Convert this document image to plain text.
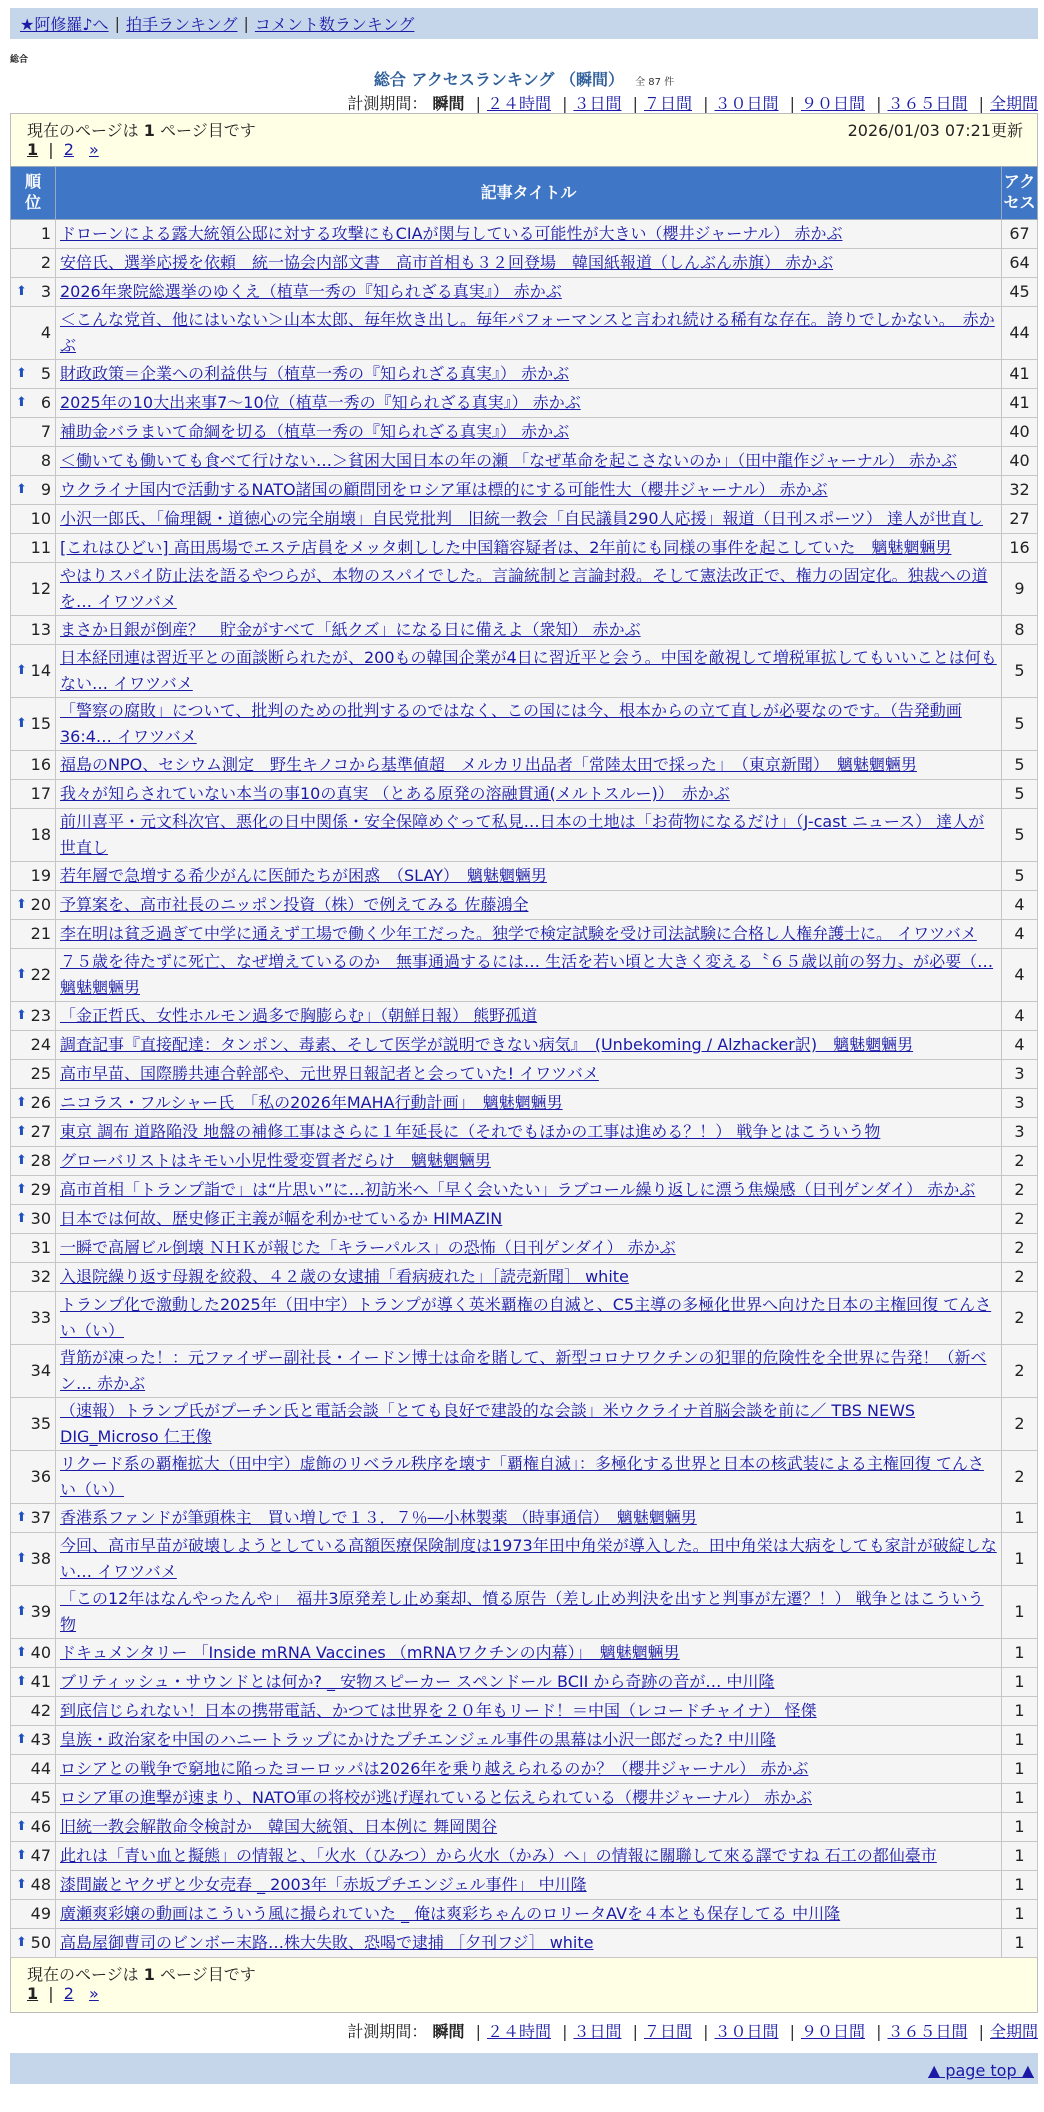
★阿修羅♪へ | 拍手ランキング | コメント数ランキング
総合
総合 アクセスランキング （瞬間） 全 87 件
計測期間： 瞬間 | ２４時間 | ３日間 | ７日間 | ３０日間 | ９０日間 | ３６５日間 | 全期間
現在のページは 1 ページ目です	2026/01/03 07:21更新
1 | 2 »
順位	記事タイトル	アクセス
1	ドローンによる露大統領公邸に対する攻撃にもCIAが関与している可能性が大きい（櫻井ジャーナル） 赤かぶ	67
2	安倍氏、選挙応援を依頼　統一協会内部文書　高市首相も３２回登場　韓国紙報道（しんぶん赤旗） 赤かぶ	64

⬆ 3	2026年衆院総選挙のゆくえ（植草一秀の『知られざる真実』） 赤かぶ	45
4	＜こんな党首、他にはいない＞山本太郎、毎年炊き出し。毎年パフォーマンスと言われ続ける稀有な存在。誇りでしかない。　赤かぶ	44

⬆ 5	財政政策＝企業への利益供与（植草一秀の『知られざる真実』） 赤かぶ	41

⬆ 6	2025年の10大出来事7〜10位（植草一秀の『知られざる真実』） 赤かぶ	41
7	補助金バラまいて命綱を切る（植草一秀の『知られざる真実』） 赤かぶ	40
8	＜働いても働いても食べて行けない…＞貧困大国日本の年の瀬 「なぜ革命を起こさないのか」（田中龍作ジャーナル） 赤かぶ	40

⬆ 9	ウクライナ国内で活動するNATO諸国の顧問団をロシア軍は標的にする可能性大（櫻井ジャーナル） 赤かぶ	32
10	小沢一郎氏、「倫理観・道徳心の完全崩壊」自民党批判　旧統一教会「自民議員290人応援」報道（日刊スポーツ） 達人が世直し	27
11	[これはひどい] 高田馬場でエステ店員をメッタ刺しした中国籍容疑者は、2年前にも同様の事件を起こしていた　魑魅魍魎男	16
12	やはりスパイ防止法を語るやつらが、本物のスパイでした。言論統制と言論封殺。そして憲法改正で、権力の固定化。独裁への道を… イワツバメ	9
13	まさか日銀が倒産？　貯金がすべて「紙クズ」になる日に備えよ（衆知） 赤かぶ	8

⬆ 14	日本経団連は習近平との面談断られたが、200もの韓国企業が4日に習近平と会う。中国を敵視して増税軍拡してもいいことは何もない… イワツバメ	5

⬆ 15	「警察の腐敗」について、批判のための批判するのではなく、この国には今、根本からの立て直しが必要なのです。（告発動画36:4… イワツバメ	5
16	福島のNPO、セシウム測定　野生キノコから基準値超　メルカリ出品者「常陸太田で採った」　（東京新聞）　魑魅魍魎男	5
17	我々が知らされていない本当の事10の真実 （とある原発の溶融貫通(メルトスルー)）　赤かぶ	5
18	前川喜平・元文科次官、悪化の日中関係・安全保障めぐって私見…日本の土地は「お荷物になるだけ」（J-cast ニュース） 達人が世直し	5
19	若年層で急増する希少がんに医師たちが困惑　（SLAY）　魑魅魍魎男	5

⬆ 20	予算案を、高市社長のニッポン投資（株）で例えてみる 佐藤鴻全	4
21	李在明は貧乏過ぎて中学に通えず工場で働く少年工だった。独学で検定試験を受け司法試験に合格し人権弁護士に。 イワツバメ	4

⬆ 22	７５歳を待たずに死亡、なぜ増えているのか　無事通過するには… 生活を若い頃と大きく変える〝６５歳以前の努力〟が必要（… 魑魅魍魎男	4

⬆ 23	「金正哲氏、女性ホルモン過多で胸膨らむ」（朝鮮日報） 熊野孤道	4
24	調査記事『直接配達：タンポン、毒素、そして医学が説明できない病気』　(Unbekoming / Alzhacker訳)　魑魅魍魎男	4
25	高市早苗、国際勝共連合幹部や、元世界日報記者と会っていた! イワツバメ	3

⬆ 26	ニコラス・フルシャー氏　「私の2026年MAHA行動計画」　魑魅魍魎男	3

⬆ 27	東京 調布 道路陥没 地盤の補修工事はさらに１年延長に（それでもほかの工事は進める？！） 戦争とはこういう物	3

⬆ 28	グローバリストはキモい小児性愛変質者だらけ　魑魅魍魎男	2

⬆ 29	高市首相「トランプ詣で」は“片思い”に…初訪米へ「早く会いたい」ラブコール繰り返しに漂う焦燥感（日刊ゲンダイ） 赤かぶ	2

⬆ 30	日本では何故、歴史修正主義が幅を利かせているか HIMAZIN	2
31	一瞬で高層ビル倒壊 ＮＨＫが報じた「キラーパルス」の恐怖（日刊ゲンダイ） 赤かぶ	2
32	入退院繰り返す母親を絞殺、４２歳の女逮捕「看病疲れた」［読売新聞］ white	2
33	トランプ化で激動した2025年（田中宇）トランプが導く英米覇権の自滅と、C5主導の多極化世界へ向けた日本の主権回復 てんさい（い）	2
34	背筋が凍った！：元ファイザー副社長・イードン博士は命を賭して、新型コロナワクチンの犯罪的危険性を全世界に告発！（新ベン… 赤かぶ	2
35	（速報）トランプ氏がプーチン氏と電話会談「とても良好で建設的な会談」米ウクライナ首脳会談を前に／ TBS NEWS DIG_Microso 仁王像	2
36	リクード系の覇権拡大（田中宇）虚飾のリベラル秩序を壊す「覇権自滅」：多極化する世界と日本の核武装による主権回復 てんさい（い）	2

⬆ 37	香港系ファンドが筆頭株主　買い増しで１３．７％―小林製薬 （時事通信）　魑魅魍魎男	1

⬆ 38	今回、高市早苗が破壊しようとしている高額医療保険制度は1973年田中角栄が導入した。田中角栄は大病をしても家計が破綻しない… イワツバメ	1

⬆ 39	「この12年はなんやったんや」　福井3原発差し止め棄却、憤る原告（差し止め判決を出すと判事が左遷？！） 戦争とはこういう物	1

⬆ 40	ドキュメンタリー 「Inside mRNA Vaccines （mRNAワクチンの内幕）」　魑魅魍魎男	1

⬆ 41	ブリティッシュ・サウンドとは何か? _ 安物スピーカー スペンドール BCII から奇跡の音が… 中川隆	1
42	到底信じられない！日本の携帯電話、かつては世界を２０年もリード！＝中国（レコードチャイナ） 怪傑	1

⬆ 43	皇族・政治家を中国のハニートラップにかけたプチエンジェル事件の黒幕は小沢一郎だった? 中川隆	1
44	ロシアとの戦争で窮地に陥ったヨーロッパは2026年を乗り越えられるのか？（櫻井ジャーナル） 赤かぶ	1
45	ロシア軍の進撃が速まり、NATO軍の将校が逃げ遅れていると伝えられている（櫻井ジャーナル） 赤かぶ	1

⬆ 46	旧統一教会解散命令検討か　韓国大統領、日本例に 舞岡関谷	1

⬆ 47	此れは「青い血と擬態」の情報と、「火水（ひみつ）から火水（かみ）へ」の情報に關聯して來る譯ですね 石工の都仙臺市	1

⬆ 48	漆間巌とヤクザと少女売春 _ 2003年「赤坂プチエンジェル事件」 中川隆	1
49	廣瀬爽彩嬢の動画はこういう風に撮られていた _ 俺は爽彩ちゃんのロリータAVを４本とも保存してる 中川隆	1

⬆ 50	高島屋御曹司のビンボー末路…株大失敗、恐喝で逮捕 ［夕刊フジ］ white	1
現在のページは 1 ページ目です
1 | 2 »
計測期間： 瞬間 | ２４時間 | ３日間 | ７日間 | ３０日間 | ９０日間 | ３６５日間 | 全期間
▲ page top ▲
